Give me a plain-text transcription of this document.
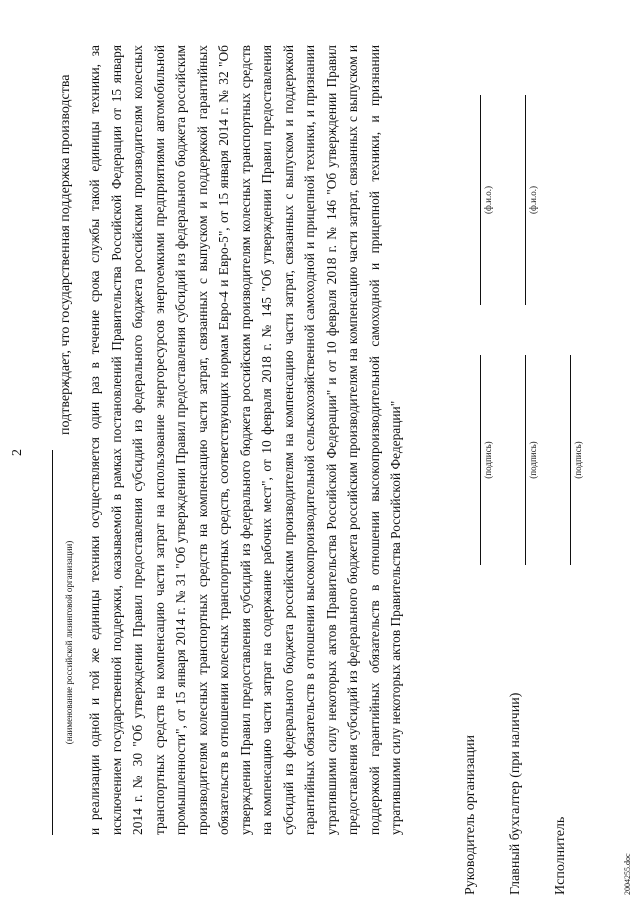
2
подтверждает, что государственная поддержка производства
(наименование российской лизинговой организации) и реализации одной и той же единицы техники осуществляется один раз в течение срока службы такой единицы техники, за исключением государственной поддержки, оказываемой в рамках постановлений Правительства Российской Федерации от 15 января 2014 г. № 30 "Об утверждении Правил предоставления субсидий из федерального бюджета российским производителям колесных транспортных средств на компенсацию части затрат на использование энергоресурсов энергоемкими предприятиями автомобильной промышленности", от 15 января 2014 г. № 31 "Об утверждении Правил предоставления субсидий из федерального бюджета российским производителям колесных транспортных средств на компенсацию части затрат, связанных с выпуском и поддержкой гарантийных обязательств в отношении колесных транспортных средств, соответствующих нормам Евро-4 и Евро-5", от 15 января 2014 г. № 32 "Об утверждении Правил предоставления субсидий из федерального бюджета российским производителям колесных транспортных средств на компенсацию части затрат на содержание рабочих мест", от 10 февраля 2018 г. № 145 "Об утверждении Правил предоставления субсидий из федерального бюджета российским производителям на компенсацию части затрат, связанных с выпуском и поддержкой гарантийных обязательств в отношении высокопроизводительной сельскохозяйственной самоходной и прицепной техники, и признании утратившими силу некоторых актов Правительства Российской Федерации" и от 10 февраля 2018 г. № 146 "Об утверждении Правил предоставления субсидий из федерального бюджета российским производителям на компенсацию части затрат, связанных с выпуском и поддержкой гарантийных обязательств в отношении высокопроизводительной самоходной и прицепной техники, и признании утратившими силу некоторых актов Правительства Российской Федерации"	Руководитель организации
(подпись)
(ф.и.о.)
Главный бухгалтер (при наличии)
(подпись)
(ф.и.о.)
Исполнитель
(подпись)
2004255.doc
